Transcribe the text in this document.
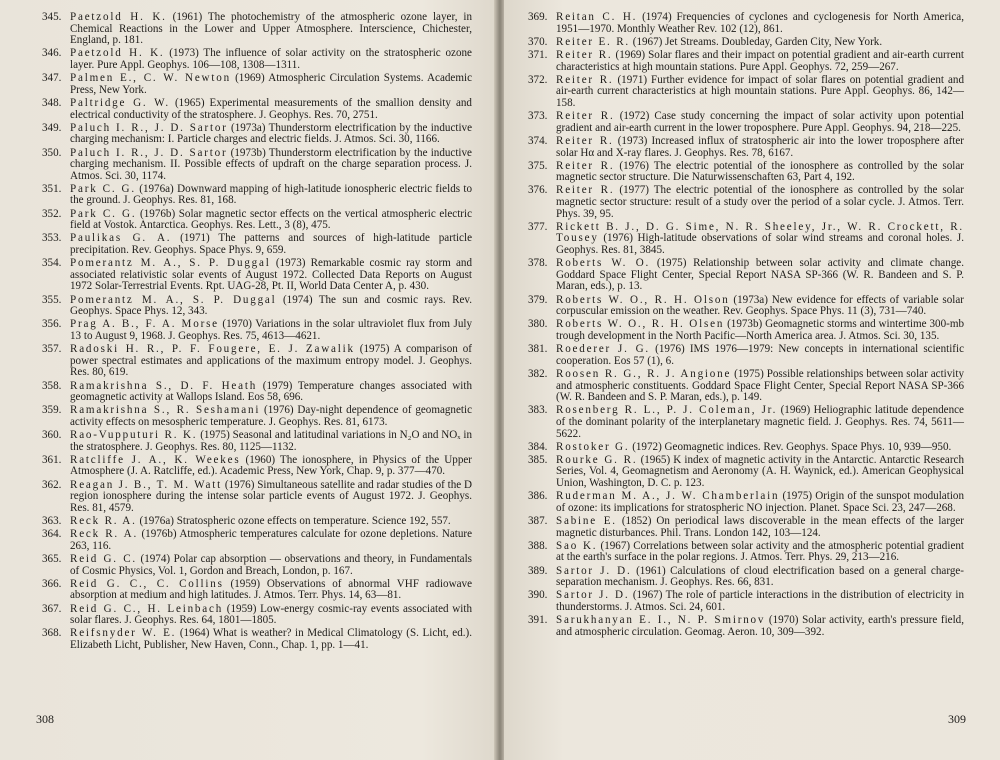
345. Paetzold H. K. (1961) The photochemistry of the atmospheric ozone layer, in Chemical Reactions in the Lower and Upper Atmosphere. Interscience, Chichester, England, p. 181.
346. Paetzold H. K. (1973) The influence of solar activity on the stratospheric ozone layer. Pure Appl. Geophys. 106—108, 1308—1311.
347. Palmen E., C. W. Newton (1969) Atmospheric Circulation Systems. Academic Press, New York.
348. Paltridge G. W. (1965) Experimental measurements of the smallion density and electrical conductivity of the stratosphere. J. Geophys. Res. 70, 2751.
349. Paluch I. R., J. D. Sartor (1973a) Thunderstorm electrification by the inductive charging mechanism: I. Particle charges and electric fields. J. Atmos. Sci. 30, 1166.
350. Paluch I. R., J. D. Sartor (1973b) Thunderstorm electrification by the inductive charging mechanism. II. Possible effects of updraft on the charge separation process. J. Atmos. Sci. 30, 1174.
351. Park C. G. (1976a) Downward mapping of high-latitude ionospheric electric fields to the ground. J. Geophys. Res. 81, 168.
352. Park C. G. (1976b) Solar magnetic sector effects on the vertical atmospheric electric field at Vostok. Antarctica. Geophys. Res. Lett., 3 (8), 475.
353. Paulikas G. A. (1971) The patterns and sources of high-latitude particle precipitation. Rev. Geophys. Space Phys. 9, 659.
354. Pomerantz M. A., S. P. Duggal (1973) Remarkable cosmic ray storm and associated relativistic solar events of August 1972. Collected Data Reports on August 1972 Solar-Terrestrial Events. Rpt. UAG-28, Pt. II, World Data Center A, p. 430.
355. Pomerantz M. A., S. P. Duggal (1974) The sun and cosmic rays. Rev. Geophys. Space Phys. 12, 343.
356. Prag A. B., F. A. Morse (1970) Variations in the solar ultraviolet flux from July 13 to August 9, 1968. J. Geophys. Res. 75, 4613—4621.
357. Radoski H. R., P. F. Fougere, E. J. Zawalik (1975) A comparison of power spectral estimates and applications of the maximum entropy model. J. Geophys. Res. 80, 619.
358. Ramakrishna S., D. F. Heath (1979) Temperature changes associated with geomagnetic activity at Wallops Island. Eos 58, 696.
359. Ramakrishna S., R. Seshamani (1976) Day-night dependence of geomagnetic activity effects on mesospheric temperature. J. Geophys. Res. 81, 6173.
360. Rao-Vupputuri R. K. (1975) Seasonal and latitudinal variations in N₂O and NOₓ in the stratosphere. J. Geophys. Res. 80, 1125—1132.
361. Ratcliffe J. A., K. Weekes (1960) The ionosphere, in Physics of the Upper Atmosphere (J. A. Ratcliffe, ed.). Academic Press, New York, Chap. 9, p. 377—470.
362. Reagan J. B., T. M. Watt (1976) Simultaneous satellite and radar studies of the D region ionosphere during the intense solar particle events of August 1972. J. Geophys. Res. 81, 4579.
363. Reck R. A. (1976a) Stratospheric ozone effects on temperature. Science 192, 557.
364. Reck R. A. (1976b) Atmospheric temperatures calculate for ozone depletions. Nature 263, 116.
365. Reid G. C. (1974) Polar cap absorption — observations and theory, in Fundamentals of Cosmic Physics, Vol. 1, Gordon and Breach, London, p. 167.
366. Reid G. C., C. Collins (1959) Observations of abnormal VHF radiowave absorption at medium and high latitudes. J. Atmos. Terr. Phys. 14, 63—81.
367. Reid G. C., H. Leinbach (1959) Low-energy cosmic-ray events associated with solar flares. J. Geophys. Res. 64, 1801—1805.
368. Reifsnyder W. E. (1964) What is weather? in Medical Climatology (S. Licht, ed.). Elizabeth Licht, Publisher, New Haven, Conn., Chap. 1, pp. 1—41.
308
369. Reitan C. H. (1974) Frequencies of cyclones and cyclogenesis for North America, 1951—1970. Monthly Weather Rev. 102 (12), 861.
370. Reiter E. R. (1967) Jet Streams. Doubleday, Garden City, New York.
371. Reiter R. (1969) Solar flares and their impact on potential gradient and air-earth current characteristics at high mountain stations. Pure Appl. Geophys. 72, 259—267.
372. Reiter R. (1971) Further evidence for impact of solar flares on potential gradient and air-earth current characteristics at high mountain stations. Pure Appl. Geophys. 86, 142—158.
373. Reiter R. (1972) Case study concerning the impact of solar activity upon potential gradient and air-earth current in the lower troposphere. Pure Appl. Geophys. 94, 218—225.
374. Reiter R. (1973) Increased influx of stratospheric air into the lower troposphere after solar Hα and X-ray flares. J. Geophys. Res. 78, 6167.
375. Reiter R. (1976) The electric potential of the ionosphere as controlled by the solar magnetic sector structure. Die Naturwissenschaften 63, Part 4, 192.
376. Reiter R. (1977) The electric potential of the ionosphere as controlled by the solar magnetic sector structure: result of a study over the period of a solar cycle. J. Atmos. Terr. Phys. 39, 95.
377. Rickett B. J., D. G. Sime, N. R. Sheeley, Jr., W. R. Crockett, R. Tousey (1976) High-latitude observations of solar wind streams and coronal holes. J. Geophys. Res. 81, 3845.
378. Roberts W. O. (1975) Relationship between solar activity and climate change. Goddard Space Flight Center, Special Report NASA SP-366 (W. R. Bandeen and S. P. Maran, eds.), p. 13.
379. Roberts W. O., R. H. Olson (1973a) New evidence for effects of variable solar corpuscular emission on the weather. Rev. Geophys. Space Phys. 11 (3), 731—740.
380. Roberts W. O., R. H. Olsen (1973b) Geomagnetic storms and wintertime 300-mb trough development in the North Pacific—North America area. J. Atmos. Sci. 30, 135.
381. Roederer J. G. (1976) IMS 1976—1979: New concepts in international scientific cooperation. Eos 57 (1), 6.
382. Roosen R. G., R. J. Angione (1975) Possible relationships between solar activity and atmospheric constituents. Goddard Space Flight Center, Special Report NASA SP-366 (W. R. Bandeen and S. P. Maran, eds.), p. 149.
383. Rosenberg R. L., P. J. Coleman, Jr. (1969) Heliographic latitude dependence of the dominant polarity of the interplanetary magnetic field. J. Geophys. Res. 74, 5611—5622.
384. Rostoker G. (1972) Geomagnetic indices. Rev. Geophys. Space Phys. 10, 939—950.
385. Rourke G. R. (1965) K index of magnetic activity in the Antarctic. Antarctic Research Series, Vol. 4, Geomagnetism and Aeronomy (A. H. Waynick, ed.). American Geophysical Union, Washington, D. C. p. 123.
386. Ruderman M. A., J. W. Chamberlain (1975) Origin of the sunspot modulation of ozone: its implications for stratospheric NO injection. Planet. Space Sci. 23, 247—268.
387. Sabine E. (1852) On periodical laws discoverable in the mean effects of the larger magnetic disturbances. Phil. Trans. London 142, 103—124.
388. Sao K. (1967) Correlations between solar activity and the atmospheric potential gradient at the earth's surface in the polar regions. J. Atmos. Terr. Phys. 29, 213—216.
389. Sartor J. D. (1961) Calculations of cloud electrification based on a general charge-separation mechanism. J. Geophys. Res. 66, 831.
390. Sartor J. D. (1967) The role of particle interactions in the distribution of electricity in thunderstorms. J. Atmos. Sci. 24, 601.
391. Sarukhanyan E. I., N. P. Smirnov (1970) Solar activity, earth's pressure field, and atmospheric circulation. Geomag. Aeron. 10, 309—392.
309
